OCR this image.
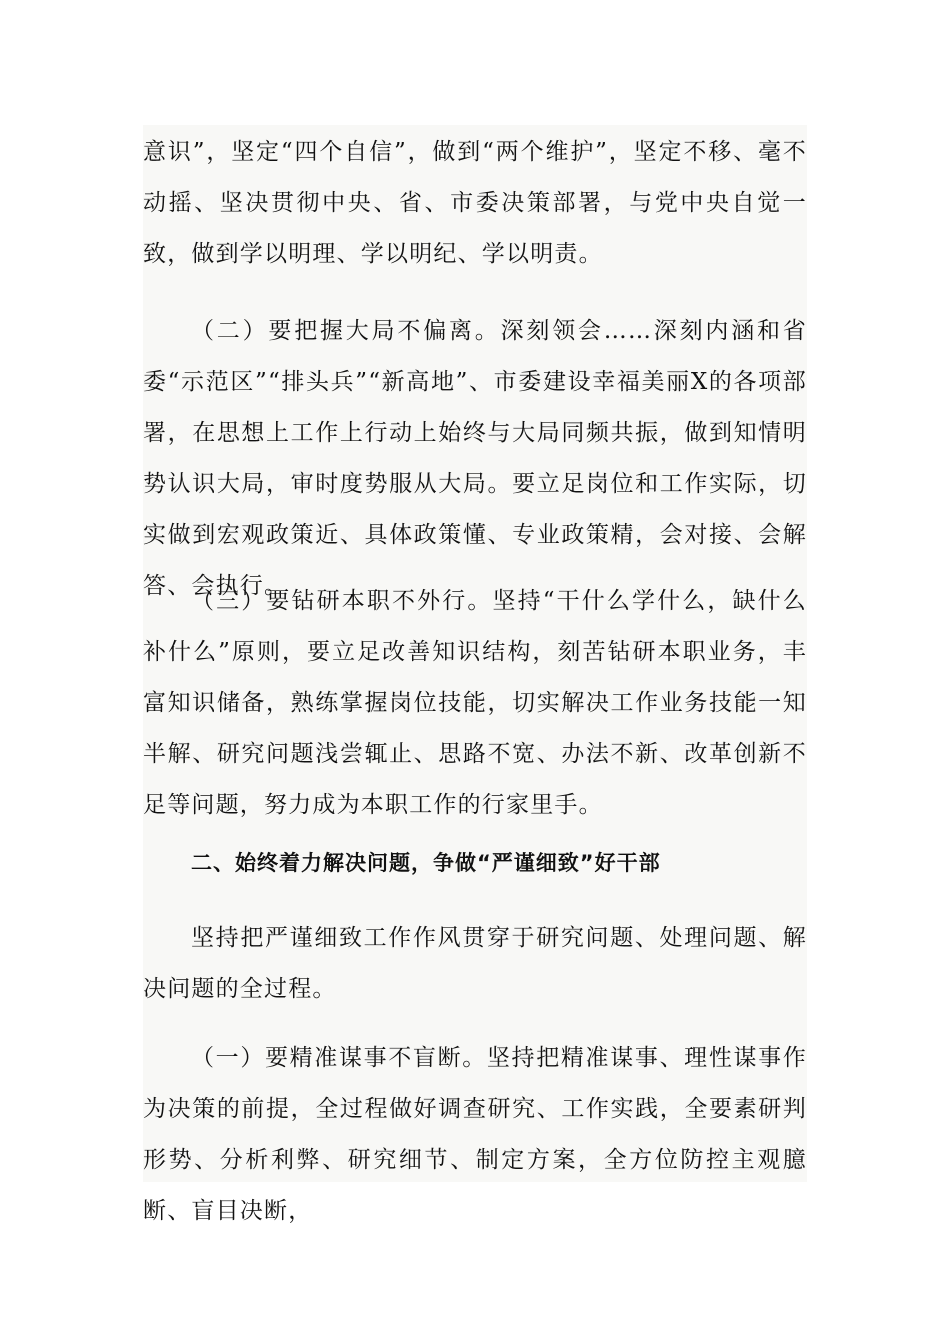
意识”，坚定“四个自信”，做到“两个维护”，坚定不移、毫不动摇、坚决贯彻中央、省、市委决策部署，与党中央自觉一致，做到学以明理、学以明纪、学以明责。

（二）要把握大局不偏离。深刻领会……深刻内涵和省委“示范区”“排头兵”“新高地”、市委建设幸福美丽X的各项部署，在思想上工作上行动上始终与大局同频共振，做到知情明势认识大局，审时度势服从大局。要立足岗位和工作实际，切实做到宏观政策近、具体政策懂、专业政策精，会对接、会解答、会执行。

（三）要钻研本职不外行。坚持“干什么学什么，缺什么补什么”原则，要立足改善知识结构，刻苦钻研本职业务，丰富知识储备，熟练掌握岗位技能，切实解决工作业务技能一知半解、研究问题浅尝辄止、思路不宽、办法不新、改革创新不足等问题，努力成为本职工作的行家里手。

二、始终着力解决问题，争做“严谨细致”好干部

坚持把严谨细致工作作风贯穿于研究问题、处理问题、解决问题的全过程。

（一）要精准谋事不盲断。坚持把精准谋事、理性谋事作为决策的前提，全过程做好调查研究、工作实践，全要素研判形势、分析利弊、研究细节、制定方案，全方位防控主观臆断、盲目决断，
